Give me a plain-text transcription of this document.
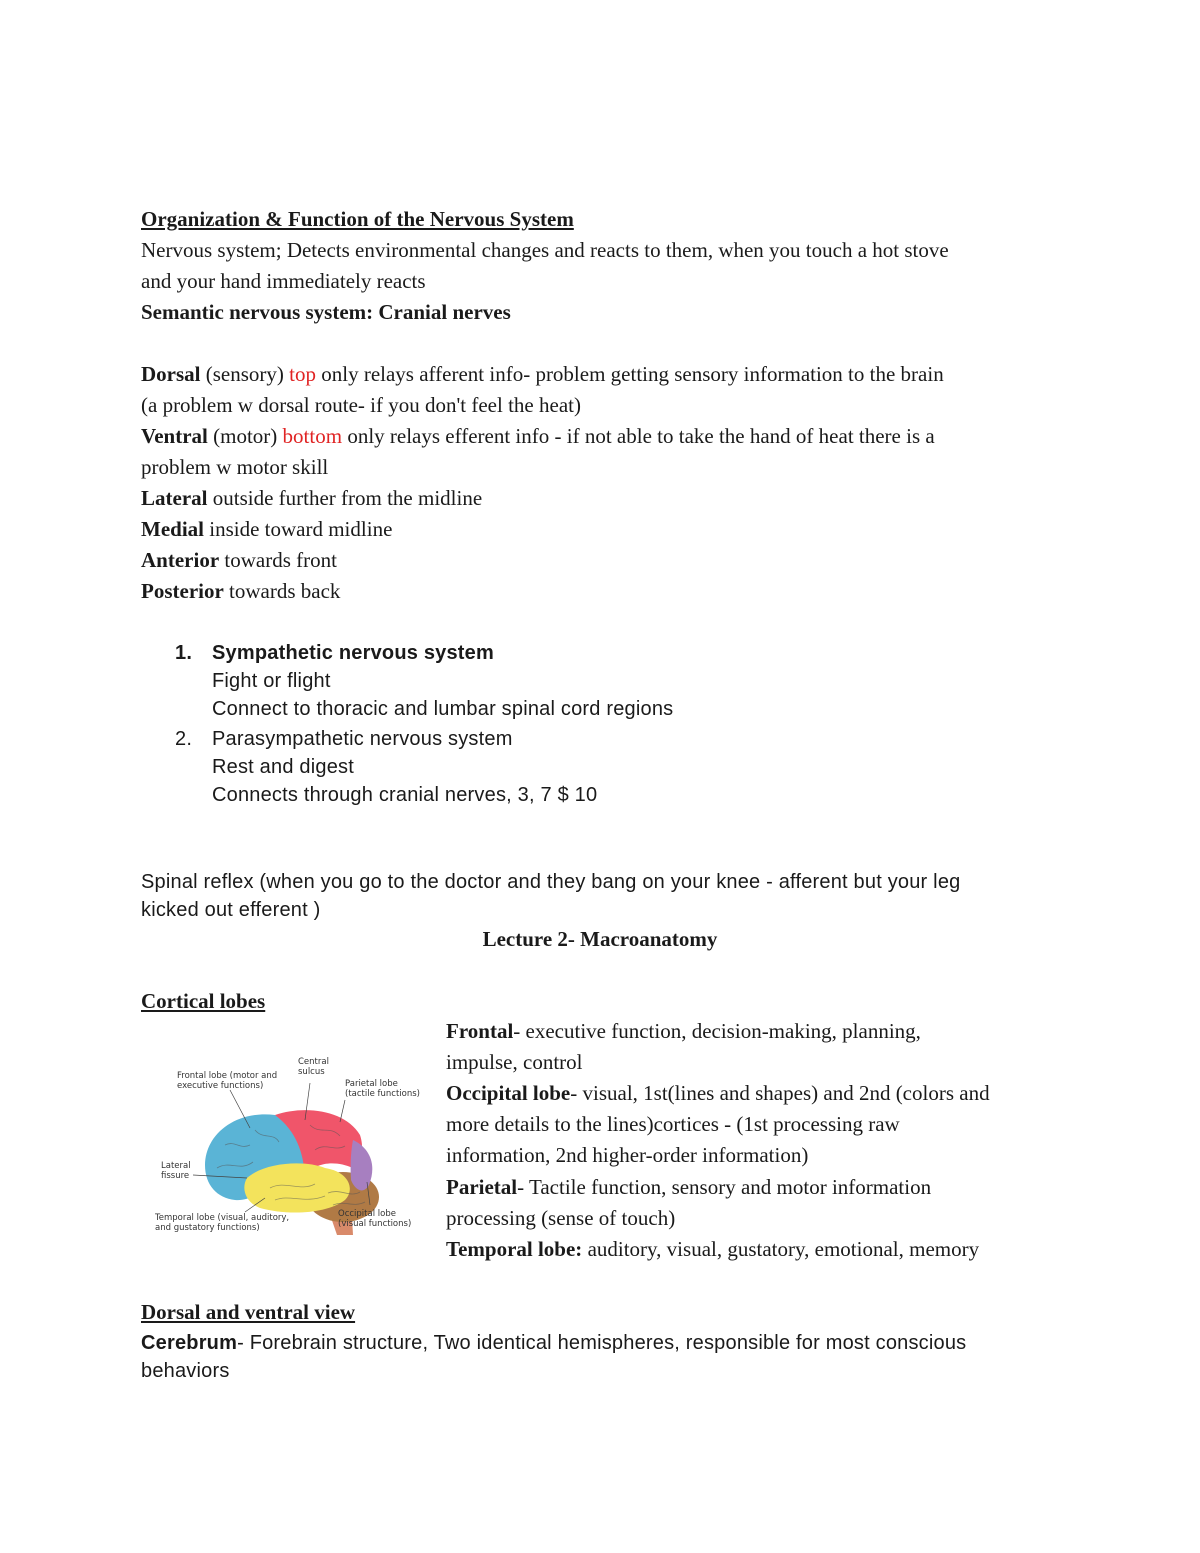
Organization & Function of the Nervous System
Nervous system; Detects environmental changes and reacts to them, when you touch a hot stove
and your hand immediately reacts
Semantic nervous system: Cranial nerves
Dorsal (sensory) top only relays afferent info- problem getting sensory information to the brain
(a problem w dorsal route- if you don't feel the heat)
Ventral (motor) bottom only relays efferent info - if not able to take the hand of heat there is a
problem w motor skill
Lateral outside further from the midline
Medial inside toward midline
Anterior towards front
Posterior towards back
1. Sympathetic nervous system
Fight or flight
Connect to thoracic and lumbar spinal cord regions
2. Parasympathetic nervous system
Rest and digest
Connects through cranial nerves, 3, 7 $ 10
Spinal reflex (when you go to the doctor and they bang on your knee - afferent but your leg
kicked out efferent )
Lecture 2- Macroanatomy
Cortical lobes
Frontal lobe (motor and
executive functions)
Central
sulcus
Parietal lobe
(tactile functions)
Lateral
fissure
Temporal lobe (visual, auditory,
and gustatory functions)
Occipital lobe
(visual functions)
Frontal- executive function, decision-making, planning,
impulse, control
Occipital lobe- visual, 1st(lines and shapes) and 2nd (colors and
more details to the lines)cortices - (1st processing raw
information, 2nd higher-order information)
Parietal- Tactile function, sensory and motor information
processing (sense of touch)
Temporal lobe: auditory, visual, gustatory, emotional, memory
Dorsal and ventral view
Cerebrum- Forebrain structure, Two identical hemispheres, responsible for most conscious
behaviors
